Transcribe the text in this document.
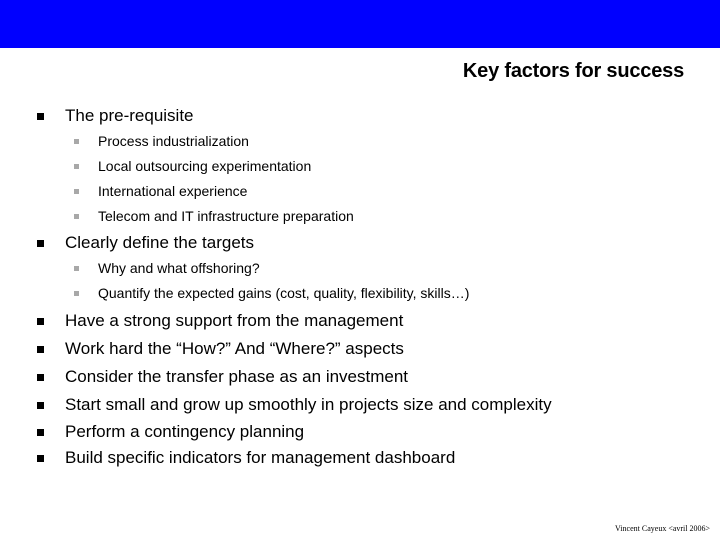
Key factors for success
The pre-requisite
Process industrialization
Local outsourcing experimentation
International experience
Telecom and IT infrastructure preparation
Clearly define the targets
Why and what offshoring?
Quantify the expected gains (cost, quality, flexibility, skills…)
Have a strong support from the management
Work hard the “How?” And “Where?” aspects
Consider the transfer phase as an investment
Start small and grow up smoothly in projects size and complexity
Perform a contingency planning
Build specific indicators for management dashboard
Vincent Cayeux <avril 2006>
